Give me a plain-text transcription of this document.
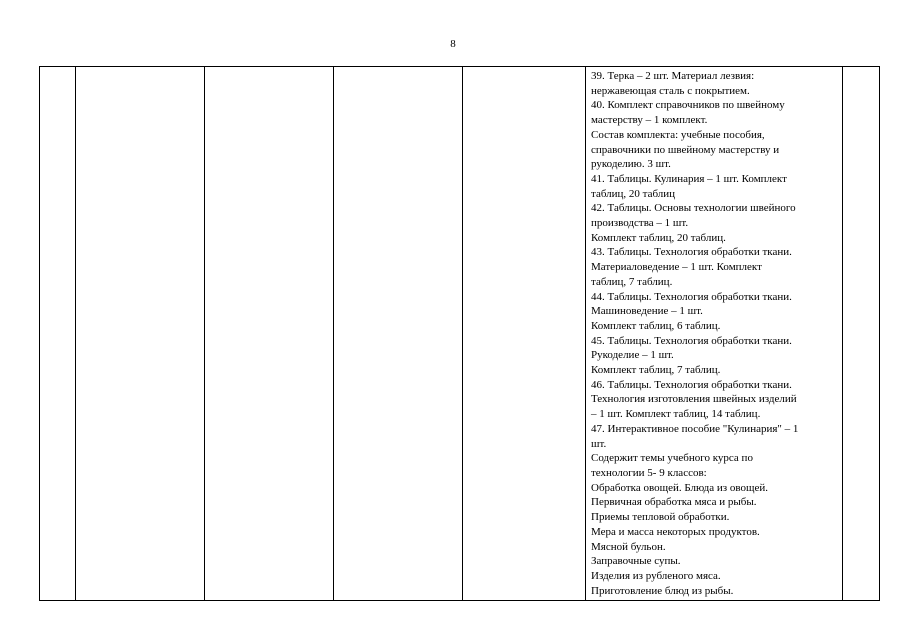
8

39. Терка – 2 шт. Материал лезвия:
нержавеющая сталь с покрытием.
40. Комплект справочников по швейному
мастерству – 1 комплект.
Состав комплекта: учебные пособия,
справочники по швейному мастерству и
рукоделию. 3 шт.
41. Таблицы. Кулинария – 1 шт. Комплект
таблиц, 20 таблиц
42. Таблицы. Основы технологии швейного
производства – 1 шт.
Комплект таблиц, 20 таблиц.
43. Таблицы. Технология обработки ткани.
Материаловедение – 1 шт. Комплект
таблиц, 7 таблиц.
44. Таблицы. Технология обработки ткани.
Машиноведение – 1 шт.
Комплект таблиц, 6 таблиц.
45. Таблицы. Технология обработки ткани.
Рукоделие – 1 шт.
Комплект таблиц, 7 таблиц.
46. Таблицы. Технология обработки ткани.
Технология изготовления швейных изделий
– 1 шт. Комплект таблиц, 14 таблиц.
47. Интерактивное пособие "Кулинария" – 1
шт.
Содержит темы учебного курса по
технологии 5- 9 классов:
Обработка овощей. Блюда из овощей.
Первичная обработка мяса и рыбы.
Приемы тепловой обработки.
Мера и масса некоторых продуктов.
Мясной бульон.
Заправочные супы.
Изделия из рубленого мяса.
Приготовление блюд из рыбы.
